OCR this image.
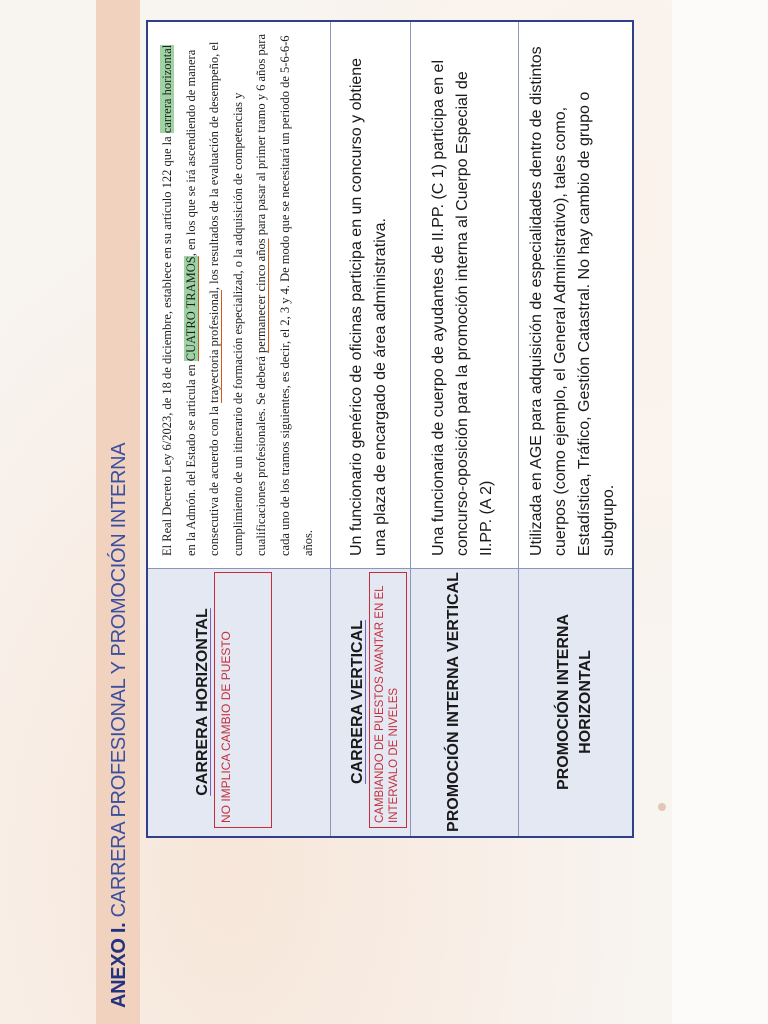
ANEXO I. CARRERA PROFESIONAL Y PROMOCIÓN INTERNA	CARRERA HORIZONTAL NO IMPLICA CAMBIO DE PUESTO
El Real Decreto Ley 6/2023, de 18 de diciembre, establece en su artículo 122 que la carrera horizontal en la Admón. del Estado se articula en CUATRO TRAMOS, en los que se irá ascendiendo de manera consecutiva de acuerdo con la trayectoria profesional, los resultados de la evaluación de desempeño, el cumplimiento de un itinerario de formación especializad, o la adquisición de competencias y cualificaciones profesionales. Se deberá permanecer cinco años para pasar al primer tramo y 6 años para cada uno de los tramos siguientes, es decir, el 2, 3 y 4. De modo que se necesitará un periodo de 5-6-6-6 años.
CARRERA VERTICAL CAMBIANDO DE PUESTOS AVANTAR EN EL INTERVALO DE NIVELES
Un funcionario genérico de oficinas participa en un concurso y obtiene una plaza de encargado de área administrativa.
PROMOCIÓN INTERNA VERTICAL
Una funcionaria de cuerpo de ayudantes de II.PP. (C 1) participa en el concurso-oposición para la promoción interna al Cuerpo Especial de II.PP. (A 2)
PROMOCIÓN INTERNA HORIZONTAL
Utilizada en AGE para adquisición de especialidades dentro de distintos cuerpos (como ejemplo, el General Administrativo), tales como, Estadística, Tráfico, Gestión Catastral. No hay cambio de grupo o subgrupo.
